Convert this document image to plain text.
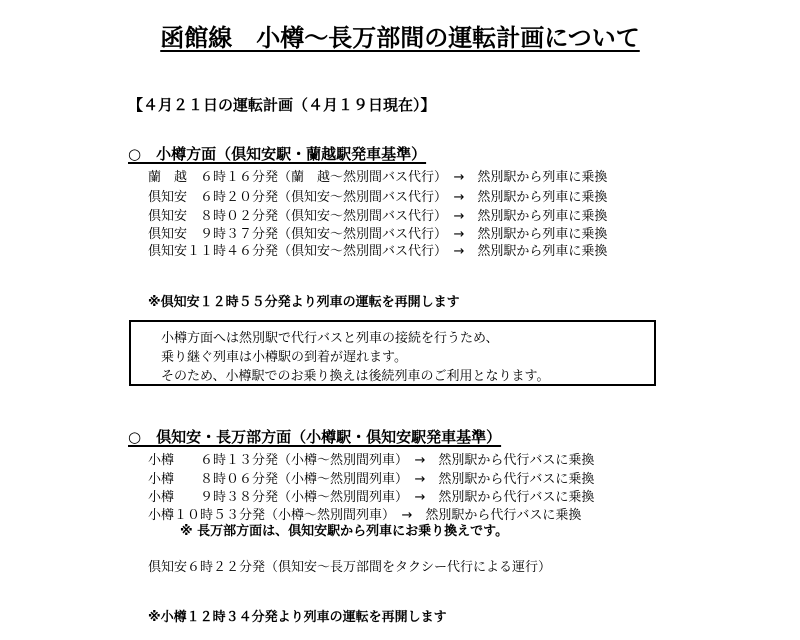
函館線　小樽～長万部間の運転計画について
【４月２１日の運転計画（４月１９日現在）】
○　小樽方面（倶知安駅・蘭越駅発車基準）
蘭　越　６時１６分発（蘭　越～然別間バス代行）　→　然別駅から列車に乗換
倶知安　６時２０分発（倶知安～然別間バス代行）　→　然別駅から列車に乗換
倶知安　８時０２分発（倶知安～然別間バス代行）　→　然別駅から列車に乗換
倶知安　９時３７分発（倶知安～然別間バス代行）　→　然別駅から列車に乗換
倶知安１１時４６分発（倶知安～然別間バス代行）　→　然別駅から列車に乗換
※倶知安１２時５５分発より列車の運転を再開します
小樽方面へは然別駅で代行バスと列車の接続を行うため、
乗り継ぐ列車は小樽駅の到着が遅れます。
そのため、小樽駅でのお乗り換えは後続列車のご利用となります。
○　倶知安・長万部方面（小樽駅・倶知安駅発車基準）
小樽　　６時１３分発（小樽～然別間列車）　→　然別駅から代行バスに乗換
小樽　　８時０６分発（小樽～然別間列車）　→　然別駅から代行バスに乗換
小樽　　９時３８分発（小樽～然別間列車）　→　然別駅から代行バスに乗換
小樽１０時５３分発（小樽～然別間列車）　→　然別駅から代行バスに乗換
※ 長万部方面は、倶知安駅から列車にお乗り換えです。
倶知安６時２２分発（倶知安～長万部間をタクシー代行による運行）
※小樽１２時３４分発より列車の運転を再開します
